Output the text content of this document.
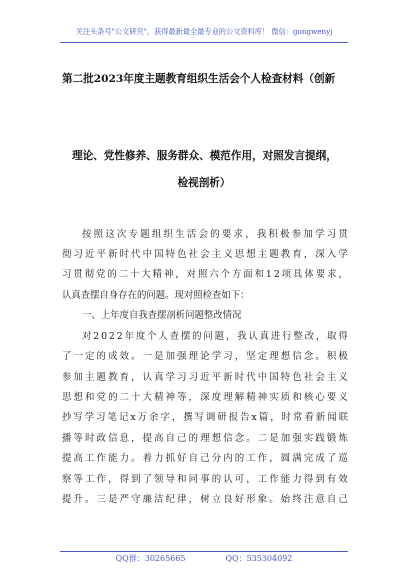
关注头条号"公文研究"，获得最新最全最专业的公文资料库！ 微信：gongwenyj
第二批2023年度主题教育组织生活会个人检查材料（创新
理论、党性修养、服务群众、模范作用，对照发言提纲，
检视剖析）
按 照 这 次 专 题 组 织 生 活 会 的 要 求 ， 我 积 极 参 加 学 习 贯
彻 习 近 平 新 时 代 中 国 特 色 社 会 主 义 思 想 主 题 教 育 ， 深 入 学
习 贯 彻 党 的 二 十 大 精 神 ， 对 照 六 个 方 面 和 1 2 项 具 体 要 求 ，
认真查摆自身存在的问题。现对照检查如下：
一、上年度自我查摆剖析问题整改情况
对 2 0 2 2 年 度 个 人 查 摆 的 问 题 ， 我 认 真 进 行 整 改 ， 取 得
了 一 定 的 成 效 。 一 是 加 强 理 论 学 习 ， 坚 定 理 想 信 念 。 积 极
参 加 主 题 教 育 ， 认 真 学 习 习 近 平 新 时 代 中 国 特 色 社 会 主 义
思 想 和 党 的 二 十 大 精 神 等 ， 深 度 理 解 精 神 实 质 和 核 心 要 义
抄 写 学 习 笔 记 x 万 余 字 ， 撰 写 调 研 报 告 x 篇 ， 时 常 看 新 闻 联
播 等 时 政 信 息 ， 提 高 自 己 的 理 想 信 念 。 二 是 加 强 实 践 锻 炼
提 高 工 作 能 力 。 着 力 抓 好 自 己 分 内 的 工 作 ， 圆 满 完 成 了 巡
察 等 工 作 ， 得 到 了 领 导 和 同 事 的 认 可 ， 工 作 能 力 得 到 有 效
提 升 。 三 是 严 守 廉 洁 纪 律 ， 树 立 良 好 形 象 。 始 终 注 意 自 己
QQ群：30265665	QQ：535304092
